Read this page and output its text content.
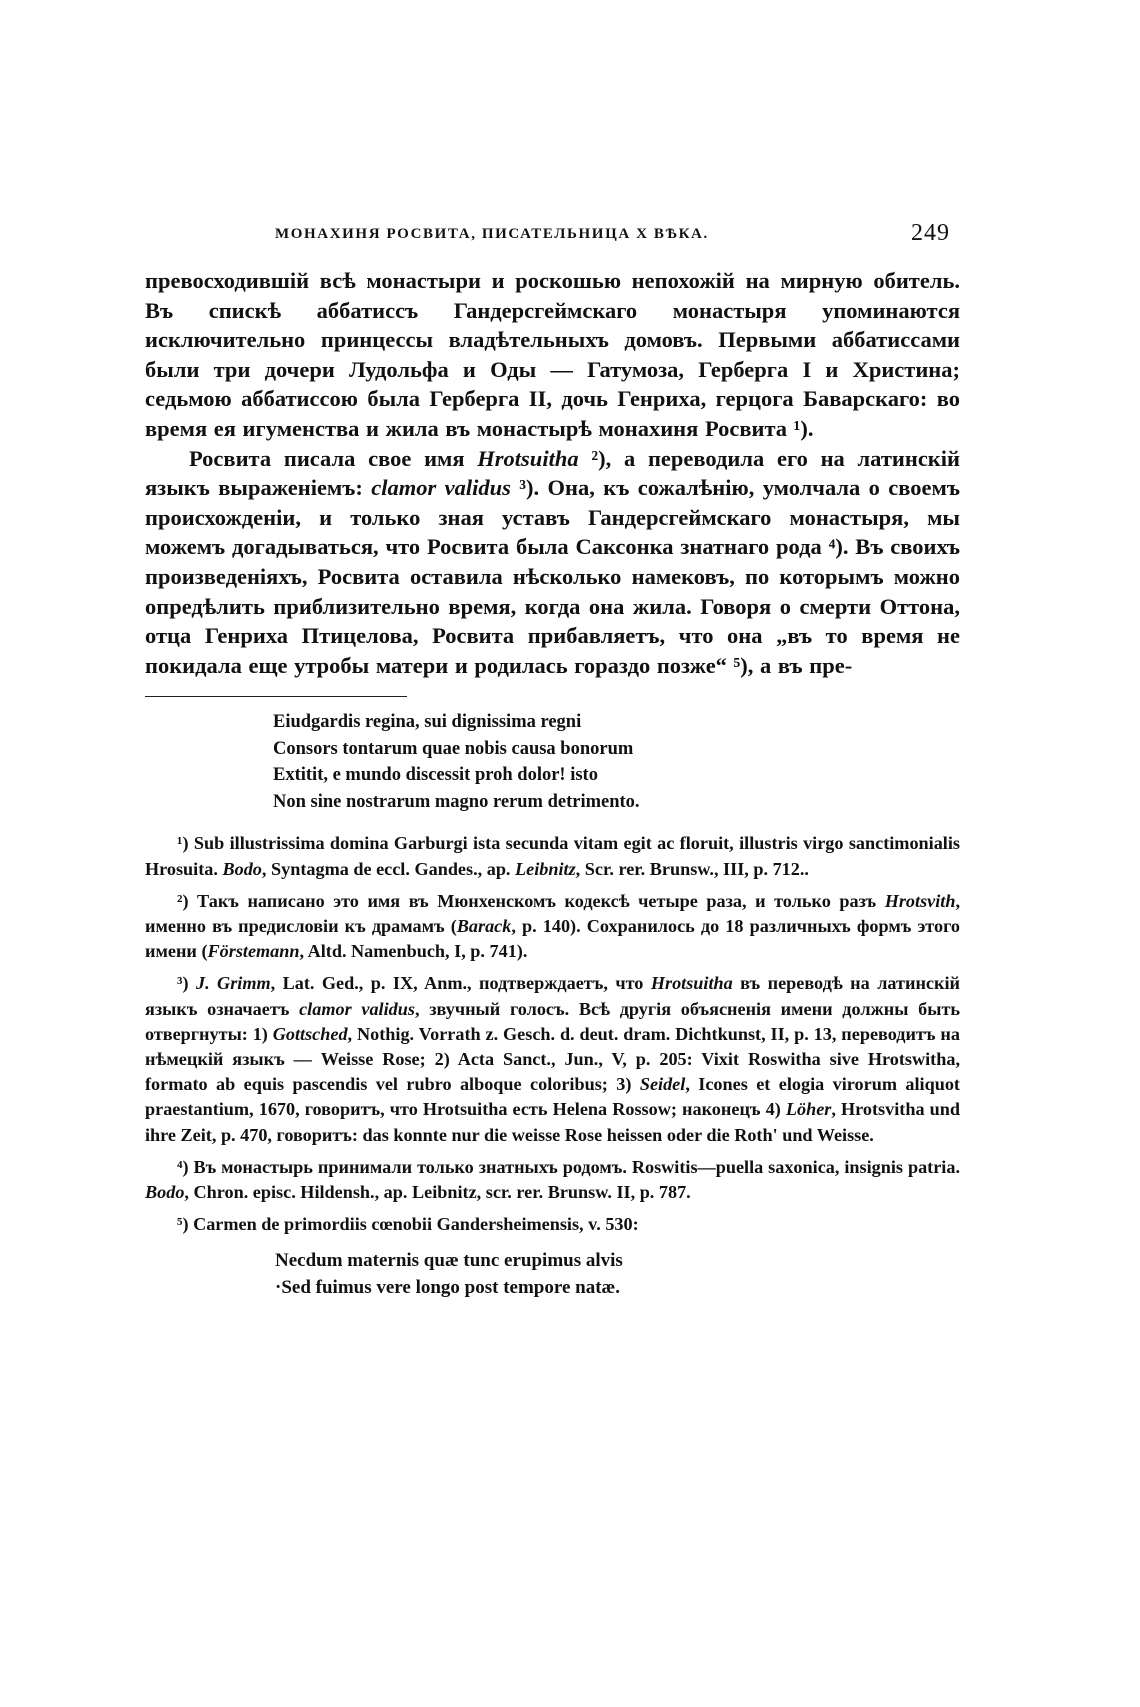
МОНАХИНЯ РОСВИТА, ПИСАТЕЛЬНИЦА X ВѢКА.	249

превосходившій всѣ монастыри и роскошью непохожій на мирную обитель. Въ спискѣ аббатиссъ Гандерсгеймскаго монастыря упоминаются исключительно принцессы владѣтельныхъ домовъ. Первыми аббатиссами были три дочери Лудольфа и Оды — Гатумоза, Герберга I и Христина; седьмою аббатиссою была Герберга II, дочь Генриха, герцога Баварскаго: во время ея игуменства и жила въ монастырѣ монахиня Росвита ¹).

Росвита писала свое имя Hrotsuitha ²), а переводила его на латинскій языкъ выраженіемъ: clamor validus ³). Она, къ сожалѣнію, умолчала о своемъ происхожденіи, и только зная уставъ Гандерсгеймскаго монастыря, мы можемъ догадываться, что Росвита была Саксонка знатнаго рода ⁴). Въ своихъ произведеніяхъ, Росвита оставила нѣсколько намековъ, по которымъ можно опредѣлить приблизительно время, когда она жила. Говоря о смерти Оттона, отца Генриха Птицелова, Росвита прибавляетъ, что она „въ то время не покидала еще утробы матери и родилась гораздо позже“ ⁵), а въ пре-

Eiudgardis regina, sui dignissima regni
Consors tontarum quae nobis causa bonorum
Extitit, e mundo discessit proh dolor! isto
Non sine nostrarum magno rerum detrimento.

¹) Sub illustrissima domina Garburgi ista secunda vitam egit ac floruit, illustris virgo sanctimonialis Hrosuita. Bodo, Syntagma de eccl. Gandes., ap. Leibnitz, Scr. rer. Brunsw., III, p. 712..

²) Такъ написано это имя въ Мюнхенскомъ кодексѣ четыре раза, и только разъ Hrotsvith, именно въ предисловіи къ драмамъ (Barack, p. 140). Сохранилось до 18 различныхъ формъ этого имени (Förstemann, Altd. Namenbuch, I, p. 741).

³) J. Grimm, Lat. Ged., p. IX, Anm., подтверждаетъ, что Hrotsuitha въ переводѣ на латинскій языкъ означаетъ clamor validus, звучный голосъ. Всѣ другія объясненія имени должны быть отвергнуты: 1) Gottsched, Nothig. Vorrath z. Gesch. d. deut. dram. Dichtkunst, II, p. 13, переводитъ на нѣмецкій языкъ — Weisse Rose; 2) Acta Sanct., Jun., V, p. 205: Vixit Roswitha sive Hrotswitha, formato ab equis pascendis vel rubro alboque coloribus; 3) Seidel, Icones et elogia virorum aliquot praestantium, 1670, говоритъ, что Hrotsuitha есть Helena Rossow; наконецъ 4) Löher, Hrotsvitha und ihre Zeit, p. 470, говоритъ: das konnte nur die weisse Rose heissen oder die Roth' und Weisse.

⁴) Въ монастырь принимали только знатныхъ родомъ. Roswitis—puella saxonica, insignis patria. Bodo, Chron. episc. Hildensh., ap. Leibnitz, scr. rer. Brunsw. II, p. 787.

⁵) Carmen de primordiis cœnobii Gandersheimensis, v. 530:

Necdum maternis quæ tunc erupimus alvis
·Sed fuimus vere longo post tempore natæ.
